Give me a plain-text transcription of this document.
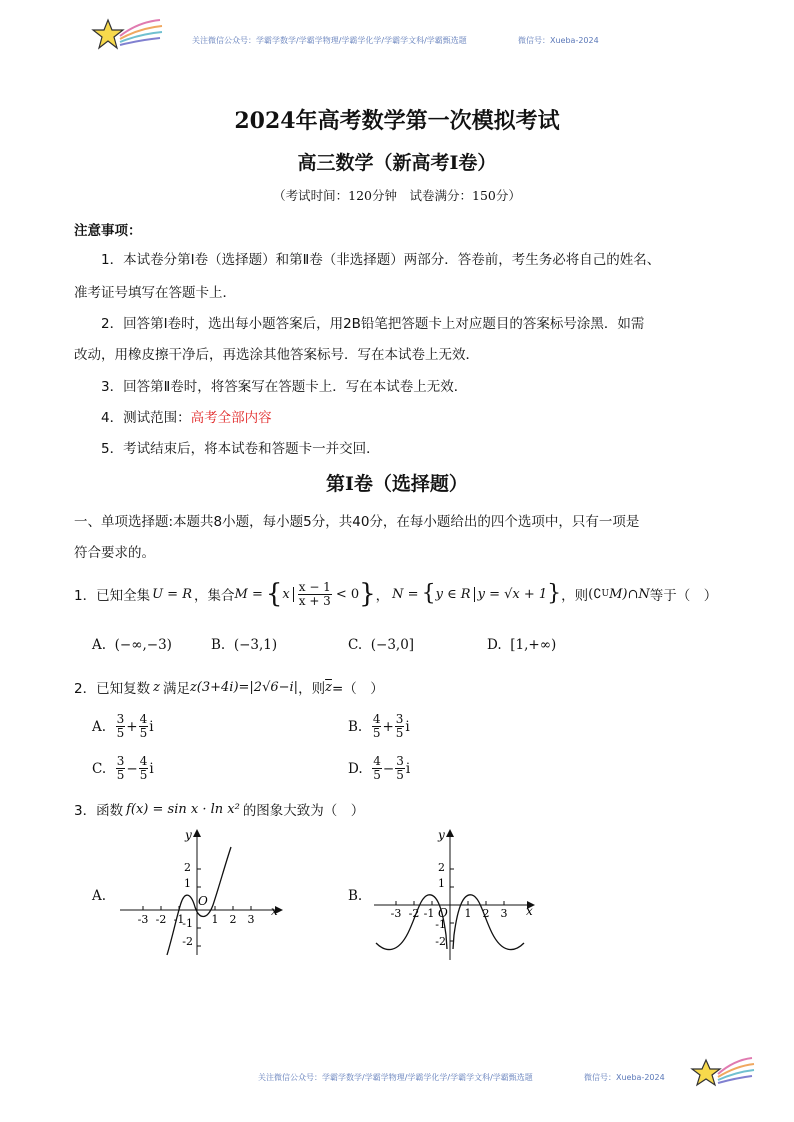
关注微信公众号：学霸学数学/学霸学物理/学霸学化学/学霸学文科/学霸甄选题	微信号：Xueba-2024
2024年高考数学第一次模拟考试
高三数学（新高考Ⅰ卷）
（考试时间：120分钟　试卷满分：150分）
注意事项：
1．本试卷分第Ⅰ卷（选择题）和第Ⅱ卷（非选择题）两部分．答卷前，考生务必将自己的姓名、
准考证号填写在答题卡上．
2．回答第Ⅰ卷时，选出每小题答案后，用2B铅笔把答题卡上对应题目的答案标号涂黑．如需
改动，用橡皮擦干净后，再选涂其他答案标号．写在本试卷上无效．
3．回答第Ⅱ卷时，将答案写在答题卡上．写在本试卷上无效．
4．测试范围：高考全部内容
5．考试结束后，将本试卷和答题卡一并交回．
第Ⅰ卷（选择题）
一、单项选择题:本题共8小题，每小题5分，共40分，在每小题给出的四个选项中，只有一项是
符合要求的。
1． 已知全集 U = R ，集合 M = { x $\frac{x - 1}{x + 3} < 0$ } ， N = { y ∈ R y = √x + 1 } ，则 (∁ U M)∩N 等于（　）
A. (−∞,−3)	B. (−3,1)	C. (−3,0]	D. [1,+∞)
2． 已知复数 z 满足 z(3+4i)=|2√6−i| ，则 $\overline{z}$ =（　）
A.
$\frac{3}{5} + \frac{4}{5}$ i	B.
$\frac{4}{5} + \frac{3}{5}$ i
C.
$\frac{3}{5} - \frac{4}{5}$ i	D.
$\frac{4}{5} - \frac{3}{5}$ i
3． 函数 f(x) = sin x · ln x² 的图象大致为（　）
A.
x
y
O
-3 -2 -1 1 2 3
2
1
-1
-2
B.
x
y
O
-3 -2 -1	1 2 3
2
1
-1
-2
关注微信公众号：学霸学数学/学霸学物理/学霸学化学/学霸学文科/学霸甄选题	微信号：Xueba-2024
